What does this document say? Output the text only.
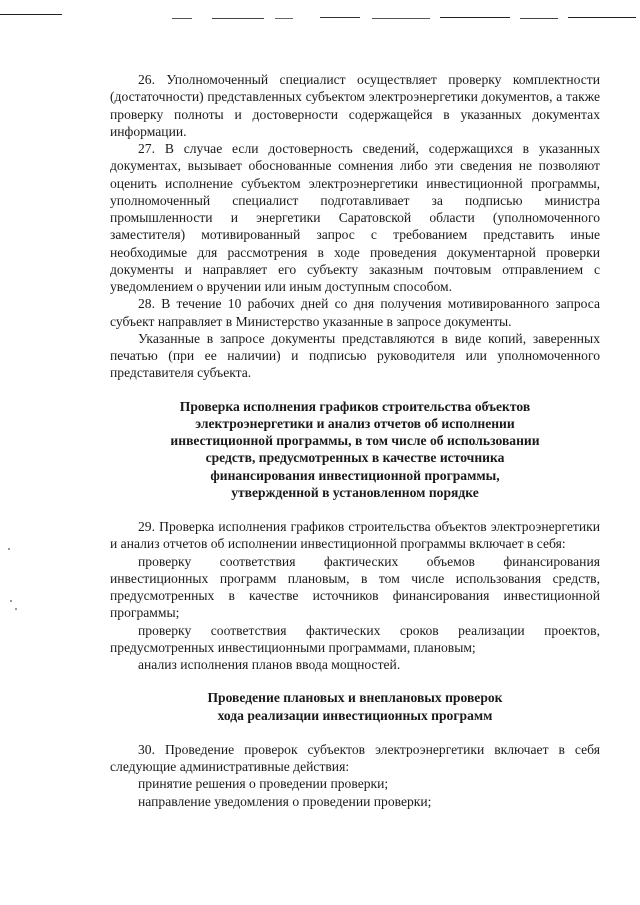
26. Уполномоченный специалист осуществляет проверку комплектности (достаточности) представленных субъектом электроэнергетики документов, а также проверку полноты и достоверности содержащейся в указанных документах информации.

27. В случае если достоверность сведений, содержащихся в указанных документах, вызывает обоснованные сомнения либо эти сведения не позволяют оценить исполнение субъектом электроэнергетики инвестиционной программы, уполномоченный специалист подготавливает за подписью министра промышленности и энергетики Саратовской области (уполномоченного заместителя) мотивированный запрос с требованием представить иные необходимые для рассмотрения в ходе проведения документарной проверки документы и направляет его субъекту заказным почтовым отправлением с уведомлением о вручении или иным доступным способом.

28. В течение 10 рабочих дней со дня получения мотивированного запроса субъект направляет в Министерство указанные в запросе документы.

Указанные в запросе документы представляются в виде копий, заверенных печатью (при ее наличии) и подписью руководителя или уполномоченного представителя субъекта.

Проверка исполнения графиков строительства объектов
электроэнергетики и анализ отчетов об исполнении
инвестиционной программы, в том числе об использовании
средств, предусмотренных в качестве источника
финансирования инвестиционной программы,
утвержденной в установленном порядке

29. Проверка исполнения графиков строительства объектов электроэнергетики и анализ отчетов об исполнении инвестиционной программы включает в себя:

проверку соответствия фактических объемов финансирования инвестиционных программ плановым, в том числе использования средств, предусмотренных в качестве источников финансирования инвестиционной программы;

проверку соответствия фактических сроков реализации проектов, предусмотренных инвестиционными программами, плановым;

анализ исполнения планов ввода мощностей.

Проведение плановых и внеплановых проверок
хода реализации инвестиционных программ

30. Проведение проверок субъектов электроэнергетики включает в себя следующие административные действия:

принятие решения о проведении проверки;

направление уведомления о проведении проверки;
